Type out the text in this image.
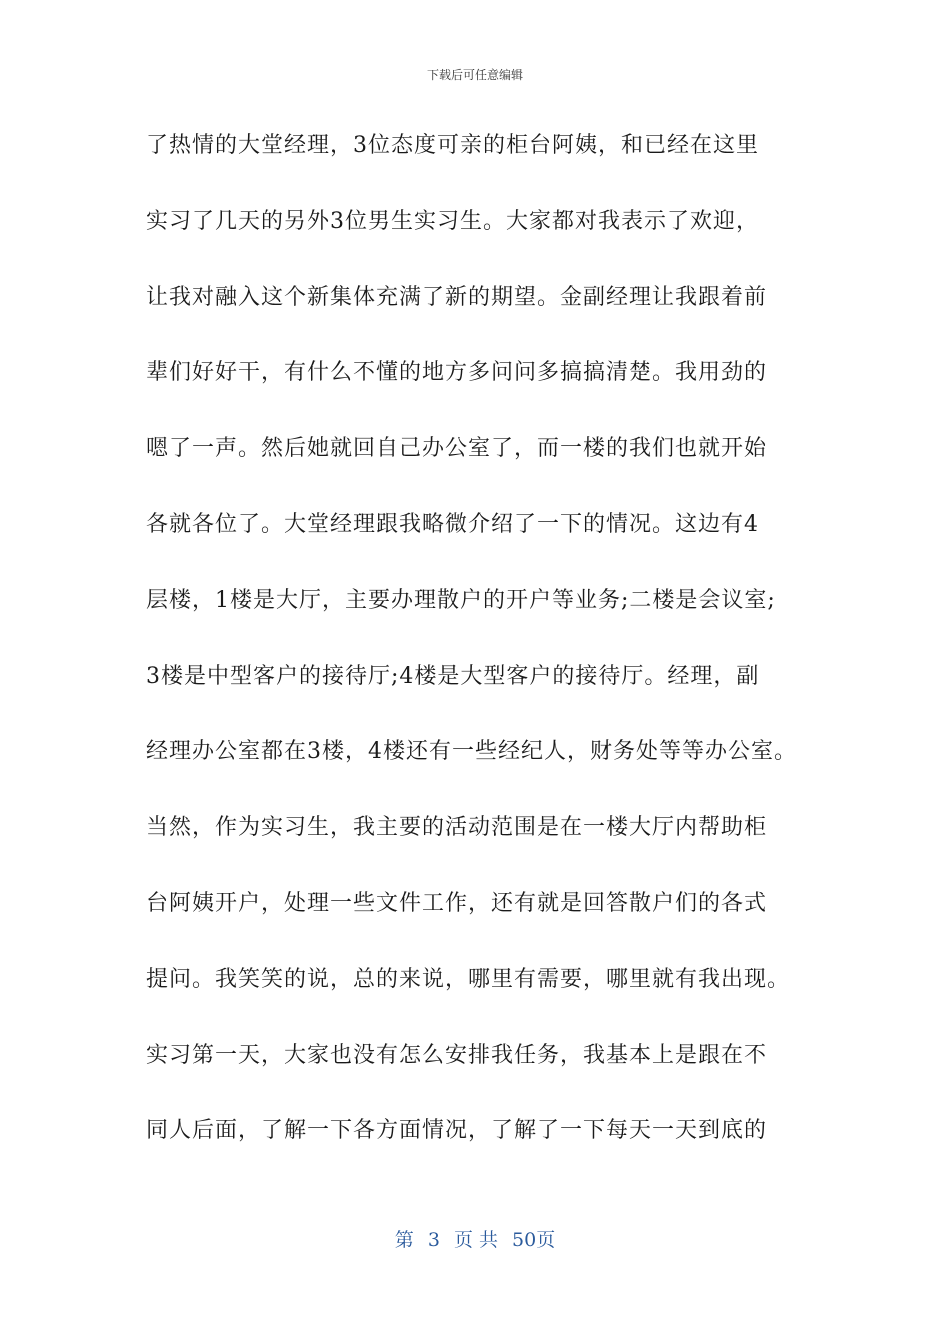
下载后可任意编辑
了热情的大堂经理，3位态度可亲的柜台阿姨，和已经在这里
实习了几天的另外3位男生实习生。大家都对我表示了欢迎，
让我对融入这个新集体充满了新的期望。金副经理让我跟着前
辈们好好干，有什么不懂的地方多问问多搞搞清楚。我用劲的
嗯了一声。然后她就回自己办公室了，而一楼的我们也就开始
各就各位了。大堂经理跟我略微介绍了一下的情况。这边有4
层楼，1楼是大厅，主要办理散户的开户等业务;二楼是会议室;
3楼是中型客户的接待厅;4楼是大型客户的接待厅。经理，副
经理办公室都在3楼，4楼还有一些经纪人，财务处等等办公室。
当然，作为实习生，我主要的活动范围是在一楼大厅内帮助柜
台阿姨开户，处理一些文件工作，还有就是回答散户们的各式
提问。我笑笑的说，总的来说，哪里有需要，哪里就有我出现。
实习第一天，大家也没有怎么安排我任务，我基本上是跟在不
同人后面，了解一下各方面情况，了解了一下每天一天到底的
第 3 页 共 50页
